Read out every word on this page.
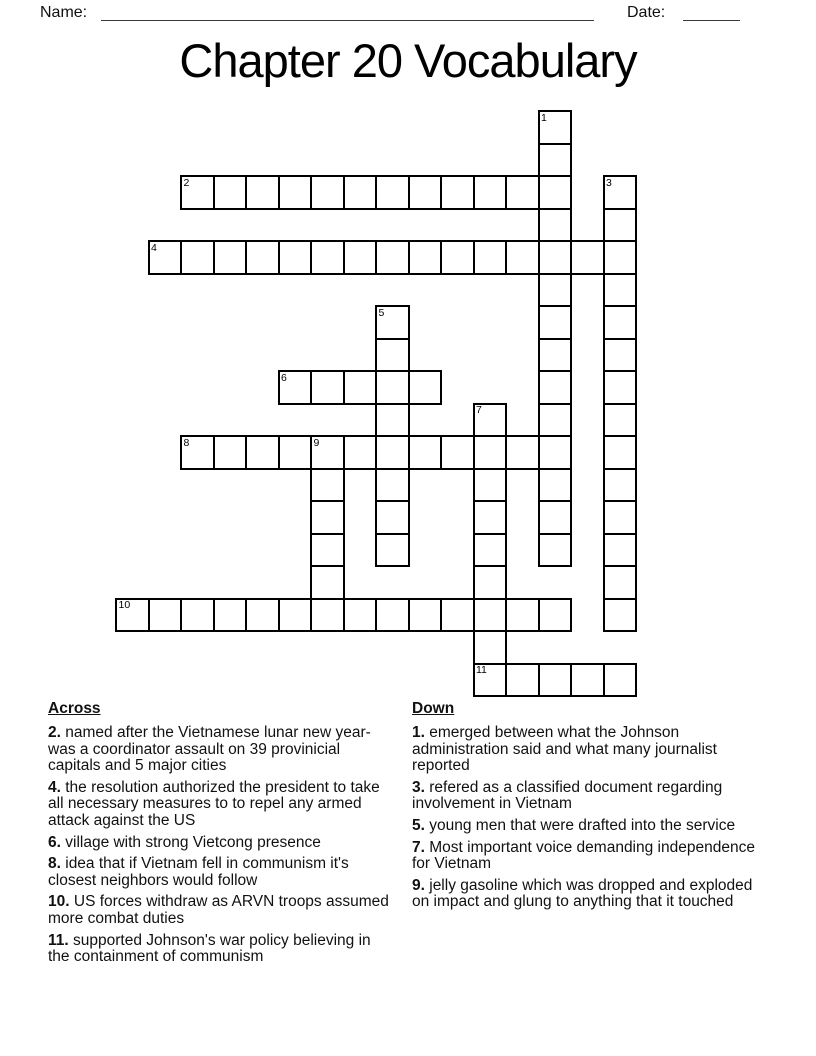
Name:	Date:
Chapter 20 Vocabulary
1
2	3
4
5
6
7
11
8	9
10
Across

2. named after the Vietnamese lunar new year- was a coordinator assault on 39 provinicial capitals and 5 major cities

4. the resolution authorized the president to take all necessary measures to to repel any armed attack against the US

6. village with strong Vietcong presence

8. idea that if Vietnam fell in communism it's closest neighbors would follow

10. US forces withdraw as ARVN troops assumed more combat duties

11. supported Johnson's war policy believing in the containment of communism

Down

1. emerged between what the Johnson administration said and what many journalist reported

3. refered as a classified document regarding involvement in Vietnam

5. young men that were drafted into the service

7. Most important voice demanding independence for Vietnam

9. jelly gasoline which was dropped and exploded on impact and glung to anything that it touched
